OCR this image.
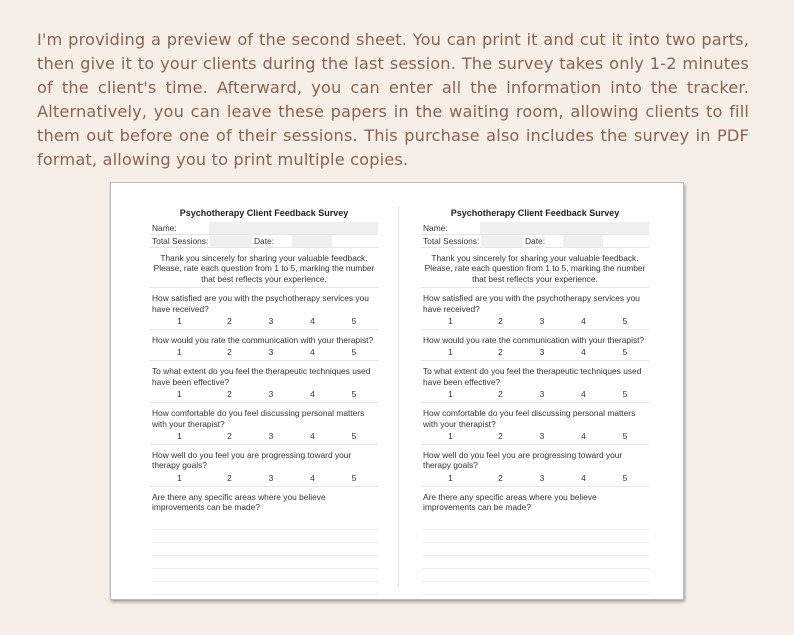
I'm providing a preview of the second sheet. You can print it and cut it into two parts, then give it to your clients during the last session. The survey takes only 1-2 minutes of the client's time. Afterward, you can enter all the information into the tracker. Alternatively, you can leave these papers in the waiting room, allowing clients to fill them out before one of their sessions. This purchase also includes the survey in PDF format, allowing you to print multiple copies.

Psychotherapy Client Feedback Survey
Name:
Total Sessions:	Date:
Thank you sincerely for sharing your valuable feedback. Please, rate each question from 1 to 5, marking the number that best reflects your experience.
How satisfied are you with the psychotherapy services you have received?
1	2	3	4	5
How would you rate the communication with your therapist?
1	2	3	4	5
To what extent do you feel the therapeutic techniques used have been effective?
1	2	3	4	5
How comfortable do you feel discussing personal matters with your therapist?
1	2	3	4	5
How well do you feel you are progressing toward your therapy goals?
1	2	3	4	5
Are there any specific areas where you believe improvements can be made?
Psychotherapy Client Feedback Survey
Name:
Total Sessions:	Date:
Thank you sincerely for sharing your valuable feedback. Please, rate each question from 1 to 5, marking the number that best reflects your experience.
How satisfied are you with the psychotherapy services you have received?
1	2	3	4	5
How would you rate the communication with your therapist?
1	2	3	4	5
To what extent do you feel the therapeutic techniques used have been effective?
1	2	3	4	5
How comfortable do you feel discussing personal matters with your therapist?
1	2	3	4	5
How well do you feel you are progressing toward your therapy goals?
1	2	3	4	5
Are there any specific areas where you believe improvements can be made?
